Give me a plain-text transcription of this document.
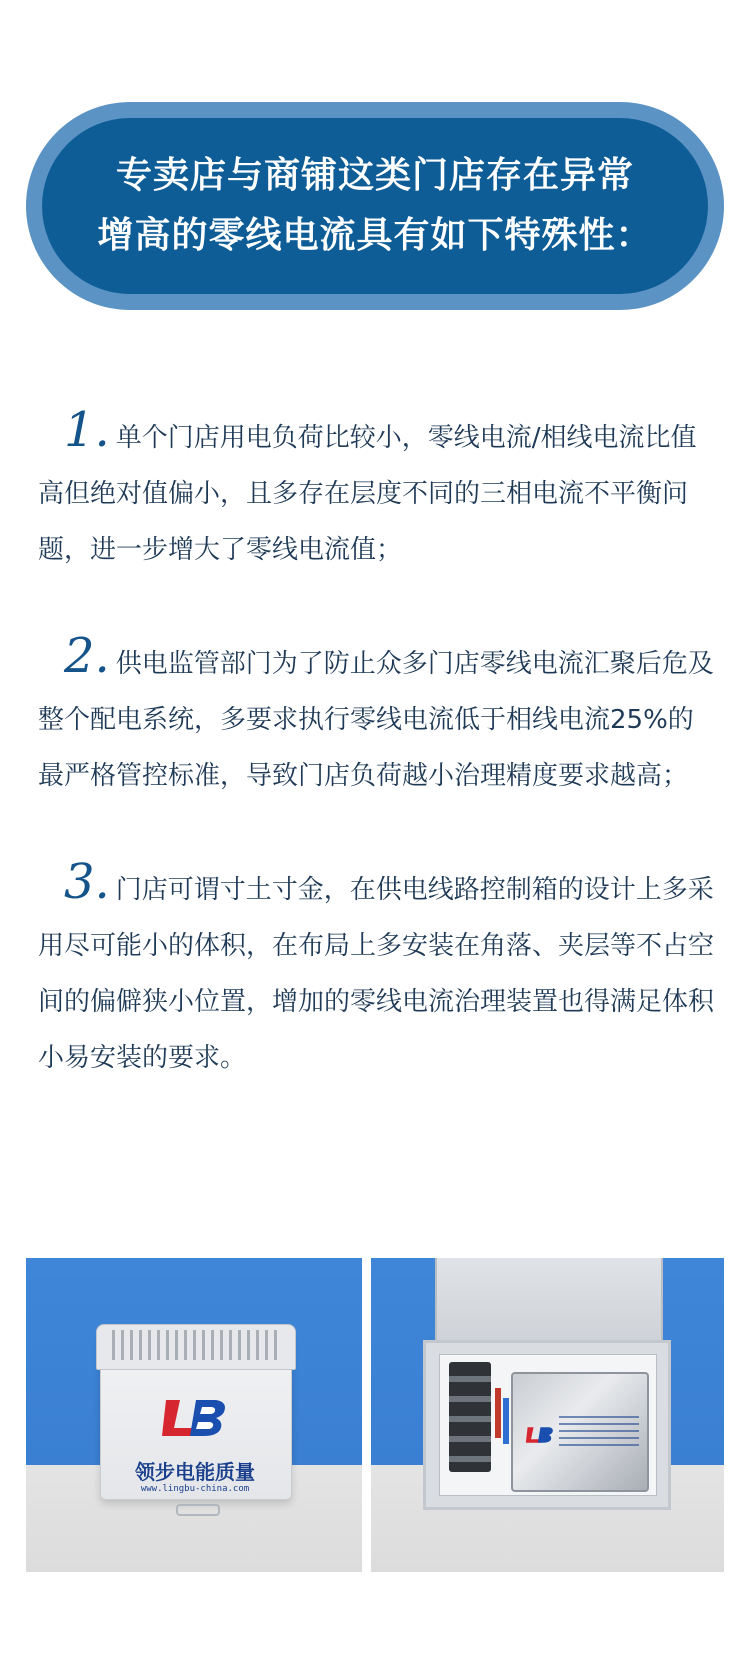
专卖店与商铺这类门店存在异常
增高的零线电流具有如下特殊性：

1. 单个门店用电负荷比较小，零线电流/相线电流比值高但绝对值偏小，且多存在层度不同的三相电流不平衡问题，进一步增大了零线电流值；

2. 供电监管部门为了防止众多门店零线电流汇聚后危及整个配电系统，多要求执行零线电流低于相线电流25%的最严格管控标准，导致门店负荷越小治理精度要求越高；

3. 门店可谓寸土寸金，在供电线路控制箱的设计上多采用尽可能小的体积，在布局上多安装在角落、夹层等不占空间的偏僻狭小位置，增加的零线电流治理装置也得满足体积小易安装的要求。

领步电能质量

www.lingbu-china.com
